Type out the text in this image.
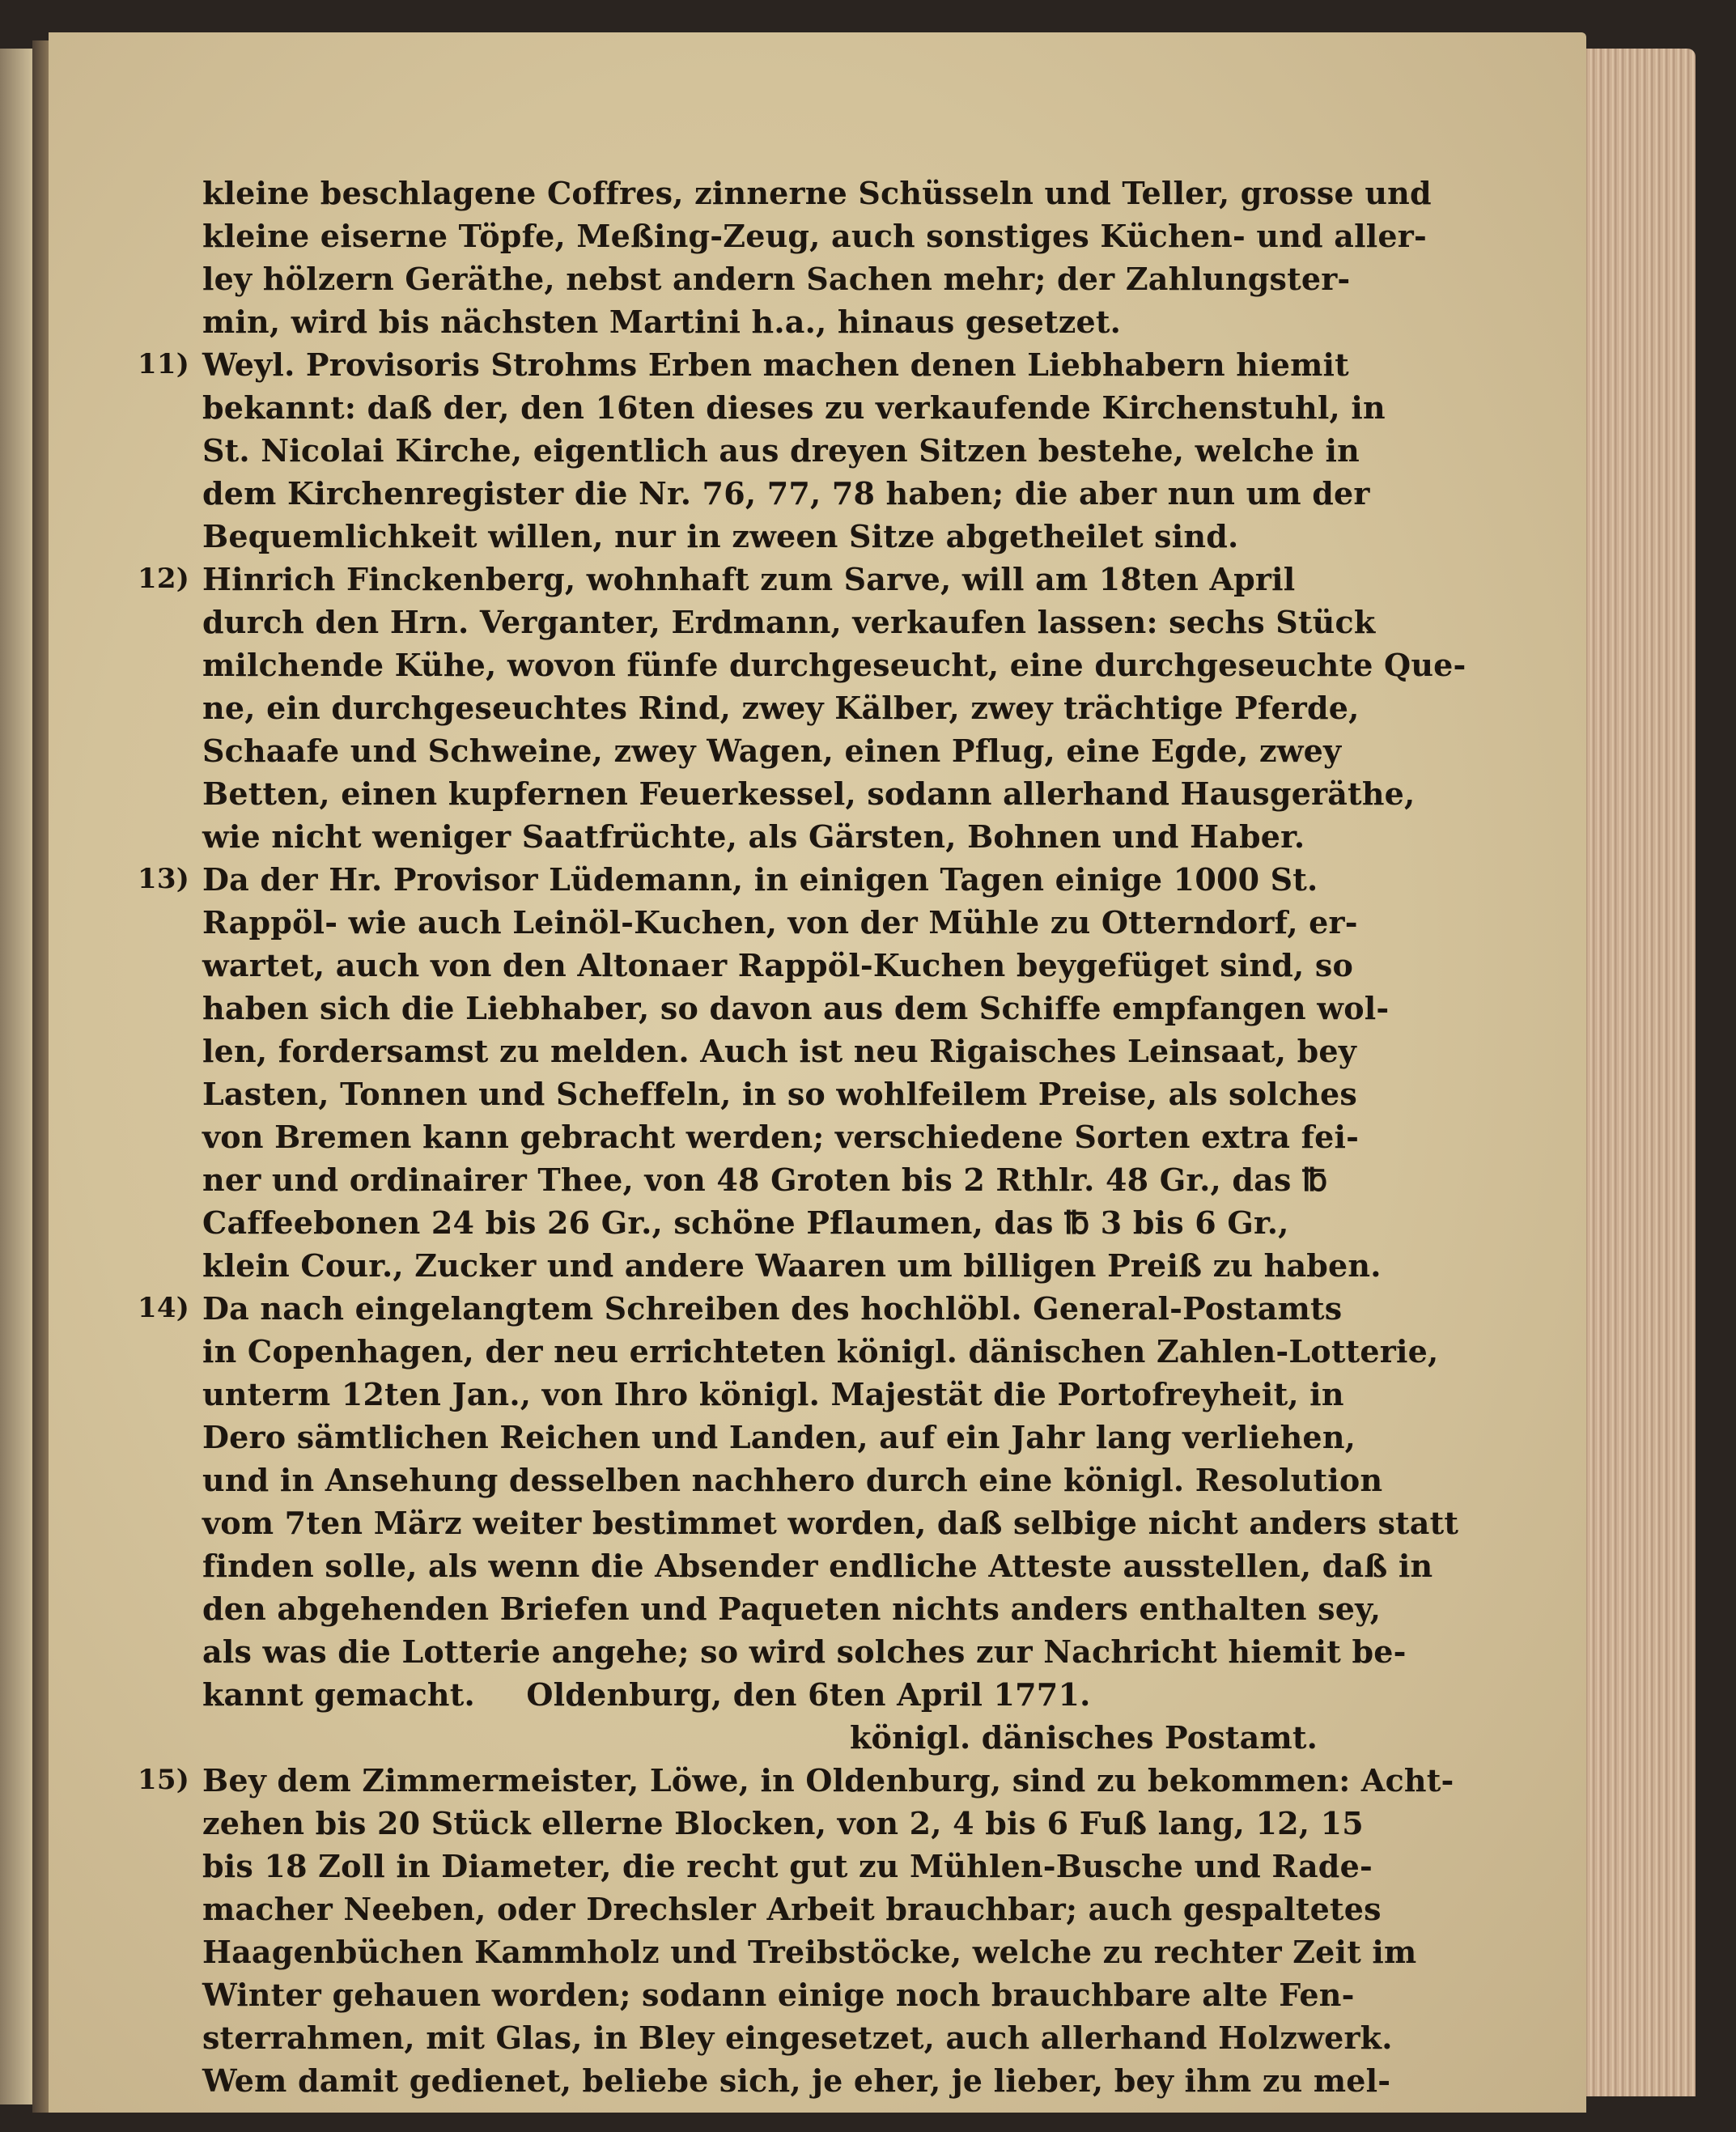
kleine beschlagene Coffres, zinnerne Schüsseln und Teller, grosse und
kleine eiserne Töpfe, Meßing-Zeug, auch sonstiges Küchen- und aller-
ley hölzern Geräthe, nebst andern Sachen mehr; der Zahlungster-
min, wird bis nächsten Martini h.a., hinaus gesetzet.
11) Weyl. Provisoris Strohms Erben machen denen Liebhabern hiemit
bekannt: daß der, den 16ten dieses zu verkaufende Kirchenstuhl, in
St. Nicolai Kirche, eigentlich aus dreyen Sitzen bestehe, welche in
dem Kirchenregister die Nr. 76, 77, 78 haben; die aber nun um der
Bequemlichkeit willen, nur in zween Sitze abgetheilet sind.
12) Hinrich Finckenberg, wohnhaft zum Sarve, will am 18ten April
durch den Hrn. Verganter, Erdmann, verkaufen lassen: sechs Stück
milchende Kühe, wovon fünfe durchgeseucht, eine durchgeseuchte Que-
ne, ein durchgeseuchtes Rind, zwey Kälber, zwey trächtige Pferde,
Schaafe und Schweine, zwey Wagen, einen Pflug, eine Egde, zwey
Betten, einen kupfernen Feuerkessel, sodann allerhand Hausgeräthe,
wie nicht weniger Saatfrüchte, als Gärsten, Bohnen und Haber.
13) Da der Hr. Provisor Lüdemann, in einigen Tagen einige 1000 St.
Rappöl- wie auch Leinöl-Kuchen, von der Mühle zu Otterndorf, er-
wartet, auch von den Altonaer Rappöl-Kuchen beygefüget sind, so
haben sich die Liebhaber, so davon aus dem Schiffe empfangen wol-
len, fordersamst zu melden. Auch ist neu Rigaisches Leinsaat, bey
Lasten, Tonnen und Scheffeln, in so wohlfeilem Preise, als solches
von Bremen kann gebracht werden; verschiedene Sorten extra fei-
ner und ordinairer Thee, von 48 Groten bis 2 Rthlr. 48 Gr., das ℔
Caffeebonen 24 bis 26 Gr., schöne Pflaumen, das ℔ 3 bis 6 Gr.,
klein Cour., Zucker und andere Waaren um billigen Preiß zu haben.
14) Da nach eingelangtem Schreiben des hochlöbl. General-Postamts
in Copenhagen, der neu errichteten königl. dänischen Zahlen-Lotterie,
unterm 12ten Jan., von Ihro königl. Majestät die Portofreyheit, in
Dero sämtlichen Reichen und Landen, auf ein Jahr lang verliehen,
und in Ansehung desselben nachhero durch eine königl. Resolution
vom 7ten März weiter bestimmet worden, daß selbige nicht anders statt
finden solle, als wenn die Absender endliche Atteste ausstellen, daß in
den abgehenden Briefen und Paqueten nichts anders enthalten sey,
als was die Lotterie angehe; so wird solches zur Nachricht hiemit be-
kannt gemacht. Oldenburg, den 6ten April 1771.
königl. dänisches Postamt.
15) Bey dem Zimmermeister, Löwe, in Oldenburg, sind zu bekommen: Acht-
zehen bis 20 Stück ellerne Blocken, von 2, 4 bis 6 Fuß lang, 12, 15
bis 18 Zoll in Diameter, die recht gut zu Mühlen-Busche und Rade-
macher Neeben, oder Drechsler Arbeit brauchbar; auch gespaltetes
Haagenbüchen Kammholz und Treibstöcke, welche zu rechter Zeit im
Winter gehauen worden; sodann einige noch brauchbare alte Fen-
sterrahmen, mit Glas, in Bley eingesetzet, auch allerhand Holzwerk.
Wem damit gedienet, beliebe sich, je eher, je lieber, bey ihm zu mel-
